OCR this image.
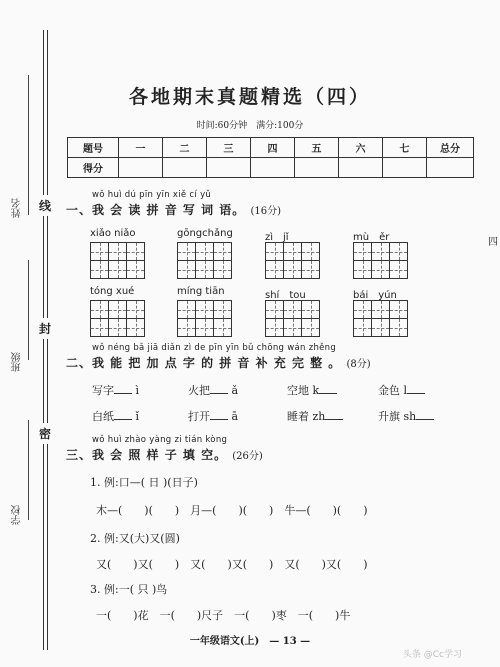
姓名
班级
学校
线
封
密
各地期末真题精选（四）
时间:60分钟　满分:100分
题号	一	二	三	四	五	六	七	总分
得分								
wǒ huì dú pīn yīn xiě cí yǔ
一、我 会 读 拼 音 写 词 语。 (16分)
xiǎo niǎo	gōngchǎng	zì　jǐ	mù　ěr
tóng xué	míng tiān	shí　tou	bái　yún
wǒ néng bǎ jiā diǎn zì de pīn yīn bǔ chōng wán zhěng
二、我 能 把 加 点 字 的 拼 音 补 充 完 整 。 (8分)
写字 ì	火把 ǎ	空地 k	金色 l
白纸 ǐ	打开 ā	睡着 zh	升旗 sh
wǒ huì zhào yàng zi tián kòng
三、我 会 照 样 子 填 空。 (26分)
1. 例:口—( 日 )(日子)
木—(　　)(　　)　月—(　　)(　　)　牛—(　　)(　　)
2. 例:又(大)又(圆)
又(　　)又(　　)　又(　　)又(　　)　又(　　)又(　　)
3. 例:一( 只 )鸟
一(　　)花　一(　　)尺子　一(　　)枣　一(　　)牛
一年级语文(上)　— 13 —
头条 @Cc学习
四
